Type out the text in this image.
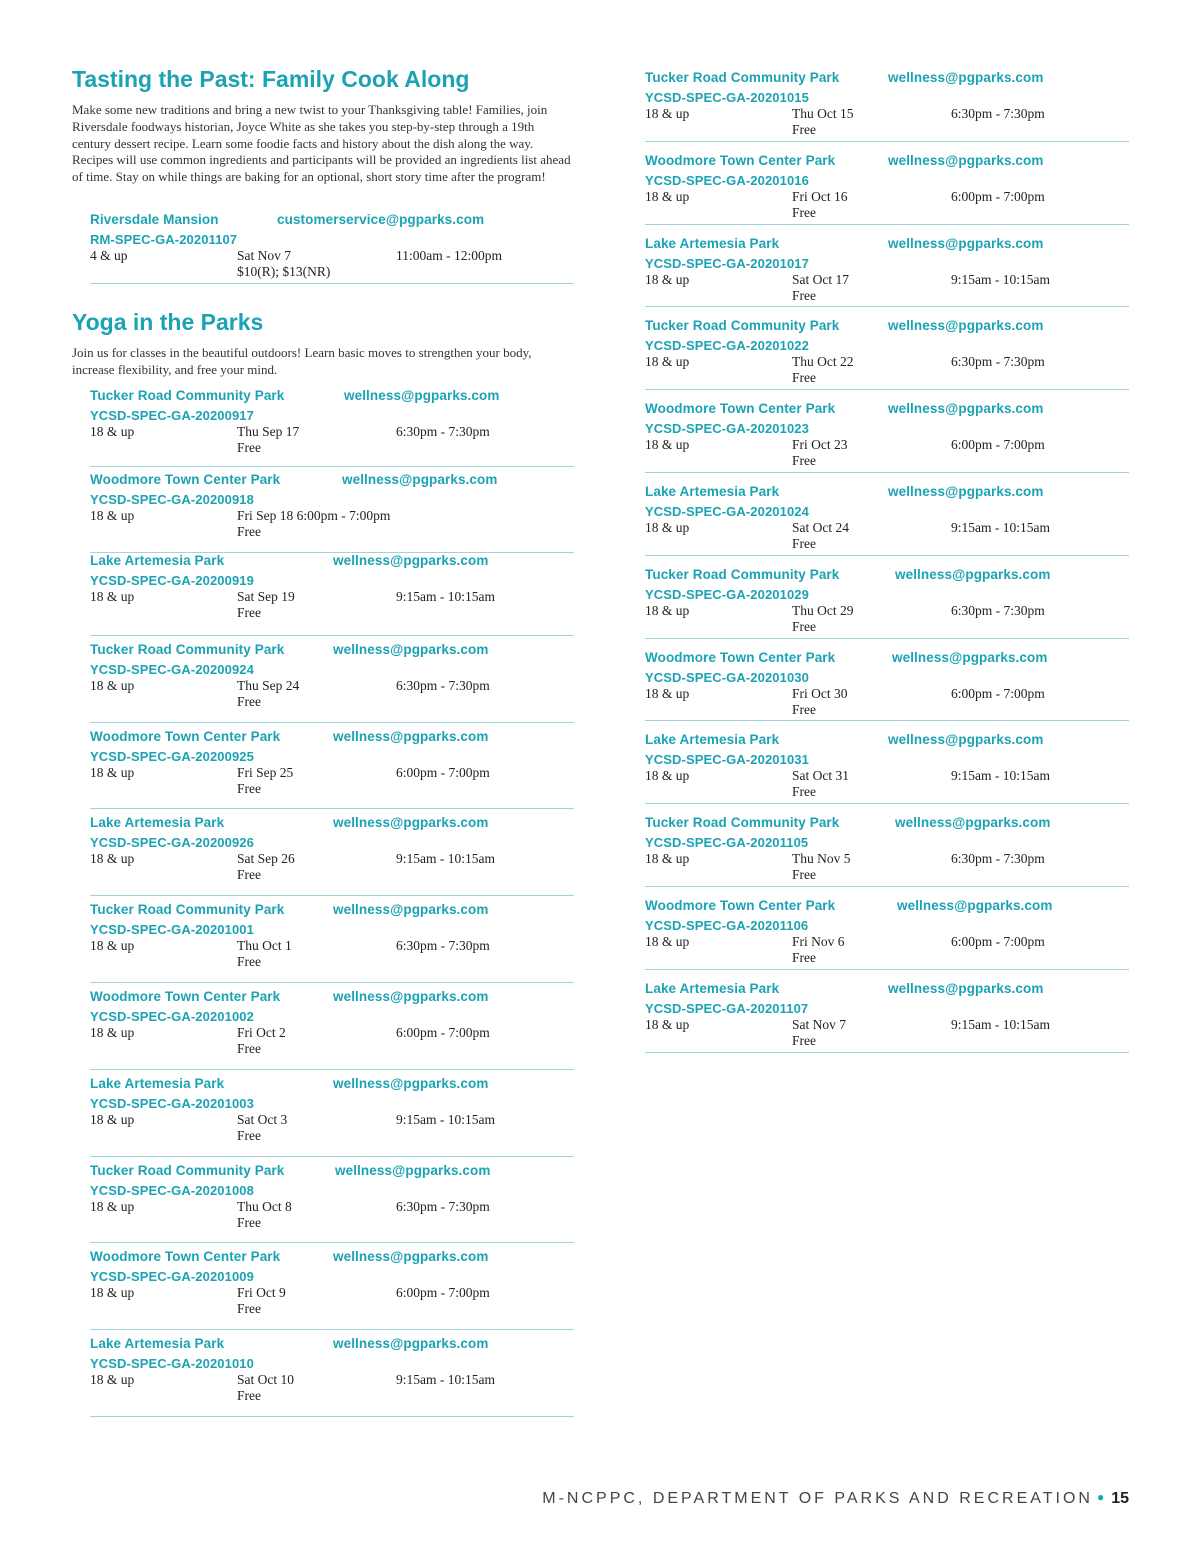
Tasting the Past: Family Cook Along

Make some new traditions and bring a new twist to your Thanksgiving table! Families, join Riversdale foodways historian, Joyce White as she takes you step-by-step through a 19th century dessert recipe. Learn some foodie facts and history about the dish along the way. Recipes will use common ingredients and participants will be provided an ingredients list ahead of time. Stay on while things are baking for an optional, short story time after the program!

Riversdale Mansion	customerservice@pgparks.com
RM-SPEC-GA-20201107
4 & up	Sat Nov 7	11:00am - 12:00pm
$10(R); $13(NR)
Yoga in the Parks

Join us for classes in the beautiful outdoors! Learn basic moves to strengthen your body, increase flexibility, and free your mind.

Tucker Road Community Park	wellness@pgparks.com
YCSD-SPEC-GA-20200917
18 & up	Thu Sep 17	6:30pm - 7:30pm
Free
Woodmore Town Center Park	wellness@pgparks.com
YCSD-SPEC-GA-20200918
18 & up	Fri Sep 18 6:00pm - 7:00pm
Free
Lake Artemesia Park	wellness@pgparks.com
YCSD-SPEC-GA-20200919
18 & up	Sat Sep 19	9:15am - 10:15am
Free
Tucker Road Community Park	wellness@pgparks.com
YCSD-SPEC-GA-20200924
18 & up	Thu Sep 24	6:30pm - 7:30pm
Free
Woodmore Town Center Park	wellness@pgparks.com
YCSD-SPEC-GA-20200925
18 & up	Fri Sep 25	6:00pm - 7:00pm
Free
Lake Artemesia Park	wellness@pgparks.com
YCSD-SPEC-GA-20200926
18 & up	Sat Sep 26	9:15am - 10:15am
Free
Tucker Road Community Park	wellness@pgparks.com
YCSD-SPEC-GA-20201001
18 & up	Thu Oct 1	6:30pm - 7:30pm
Free
Woodmore Town Center Park	wellness@pgparks.com
YCSD-SPEC-GA-20201002
18 & up	Fri Oct 2	6:00pm - 7:00pm
Free
Lake Artemesia Park	wellness@pgparks.com
YCSD-SPEC-GA-20201003
18 & up	Sat Oct 3	9:15am - 10:15am
Free
Tucker Road Community Park	wellness@pgparks.com
YCSD-SPEC-GA-20201008
18 & up	Thu Oct 8	6:30pm - 7:30pm
Free
Woodmore Town Center Park	wellness@pgparks.com
YCSD-SPEC-GA-20201009
18 & up	Fri Oct 9	6:00pm - 7:00pm
Free
Lake Artemesia Park	wellness@pgparks.com
YCSD-SPEC-GA-20201010
18 & up	Sat Oct 10	9:15am - 10:15am
Free
Tucker Road Community Park	wellness@pgparks.com
YCSD-SPEC-GA-20201015
18 & up	Thu Oct 15	6:30pm - 7:30pm
Free
Woodmore Town Center Park	wellness@pgparks.com
YCSD-SPEC-GA-20201016
18 & up	Fri Oct 16	6:00pm - 7:00pm
Free
Lake Artemesia Park	wellness@pgparks.com
YCSD-SPEC-GA-20201017
18 & up	Sat Oct 17	9:15am - 10:15am
Free
Tucker Road Community Park	wellness@pgparks.com
YCSD-SPEC-GA-20201022
18 & up	Thu Oct 22	6:30pm - 7:30pm
Free
Woodmore Town Center Park	wellness@pgparks.com
YCSD-SPEC-GA-20201023
18 & up	Fri Oct 23	6:00pm - 7:00pm
Free
Lake Artemesia Park	wellness@pgparks.com
YCSD-SPEC-GA-20201024
18 & up	Sat Oct 24	9:15am - 10:15am
Free
Tucker Road Community Park	wellness@pgparks.com
YCSD-SPEC-GA-20201029
18 & up	Thu Oct 29	6:30pm - 7:30pm
Free
Woodmore Town Center Park	wellness@pgparks.com
YCSD-SPEC-GA-20201030
18 & up	Fri Oct 30	6:00pm - 7:00pm
Free
Lake Artemesia Park	wellness@pgparks.com
YCSD-SPEC-GA-20201031
18 & up	Sat Oct 31	9:15am - 10:15am
Free
Tucker Road Community Park	wellness@pgparks.com
YCSD-SPEC-GA-20201105
18 & up	Thu Nov 5	6:30pm - 7:30pm
Free
Woodmore Town Center Park	wellness@pgparks.com
YCSD-SPEC-GA-20201106
18 & up	Fri Nov 6	6:00pm - 7:00pm
Free
Lake Artemesia Park	wellness@pgparks.com
YCSD-SPEC-GA-20201107
18 & up	Sat Nov 7	9:15am - 10:15am
Free
M-NCPPC, DEPARTMENT OF PARKS AND RECREATION ● 15
